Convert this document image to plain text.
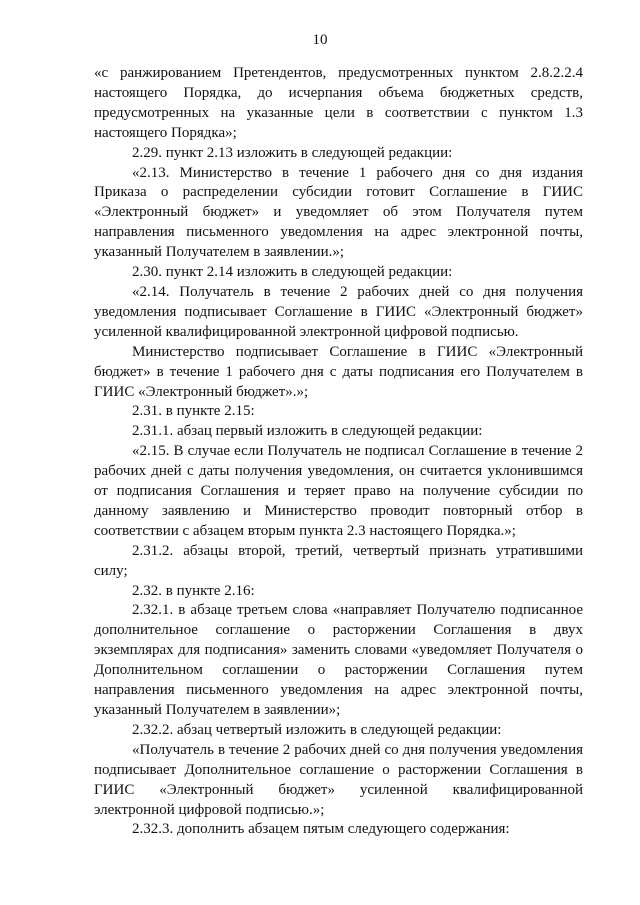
10

«с ранжированием Претендентов, предусмотренных пунктом 2.8.2.2.4 настоящего Порядка, до исчерпания объема бюджетных средств, предусмотренных на указанные цели в соответствии с пунктом 1.3 настоящего Порядка»;

2.29. пункт 2.13 изложить в следующей редакции:

«2.13. Министерство в течение 1 рабочего дня со дня издания Приказа о распределении субсидии готовит Соглашение в ГИИС «Электронный бюджет» и уведомляет об этом Получателя путем направления письменного уведомления на адрес электронной почты, указанный Получателем в заявлении.»;

2.30. пункт 2.14 изложить в следующей редакции:

«2.14. Получатель в течение 2 рабочих дней со дня получения уведомления подписывает Соглашение в ГИИС «Электронный бюджет» усиленной квалифицированной электронной цифровой подписью.

Министерство подписывает Соглашение в ГИИС «Электронный бюджет» в течение 1 рабочего дня с даты подписания его Получателем в ГИИС «Электронный бюджет».»;

2.31. в пункте 2.15:

2.31.1. абзац первый изложить в следующей редакции:

«2.15. В случае если Получатель не подписал Соглашение в течение 2 рабочих дней с даты получения уведомления, он считается уклонившимся от подписания Соглашения и теряет право на получение субсидии по данному заявлению и Министерство проводит повторный отбор в соответствии с абзацем вторым пункта 2.3 настоящего Порядка.»;

2.31.2. абзацы второй, третий, четвертый признать утратившими силу;

2.32. в пункте 2.16:

2.32.1. в абзаце третьем слова «направляет Получателю подписанное дополнительное соглашение о расторжении Соглашения в двух экземплярах для подписания» заменить словами «уведомляет Получателя о Дополнительном соглашении о расторжении Соглашения путем направления письменного уведомления на адрес электронной почты, указанный Получателем в заявлении»;

2.32.2. абзац четвертый изложить в следующей редакции:

«Получатель в течение 2 рабочих дней со дня получения уведомления подписывает Дополнительное соглашение о расторжении Соглашения в ГИИС «Электронный бюджет» усиленной квалифицированной электронной цифровой подписью.»;

2.32.3. дополнить абзацем пятым следующего содержания:
